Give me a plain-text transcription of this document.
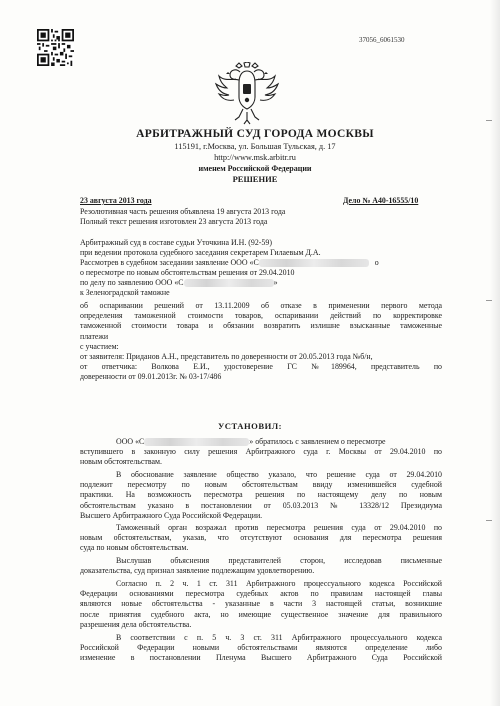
37056_6061530
АРБИТРАЖНЫЙ СУД ГОРОДА МОСКВЫ
115191, г.Москва, ул. Большая Тульская, д. 17
http://www.msk.arbitr.ru
именем Российской Федерации
РЕШЕНИЕ
23 августа 2013 года	Дело № А40-16555/10
Резолютивная часть решения объявлена 19 августа 2013 года
Полный текст решения изготовлен 23 августа 2013 года
Арбитражный суд в составе судьи Уточкина И.Н. (92-59)
при ведении протокола судебного заседания секретарем Гилаевым Д.А.
Рассмотрев в судебном заседании заявление ООО «С	о
о пересмотре по новым обстоятельствам решения от 29.04.2010
по делу по заявлению ООО «С	»
к Зеленоградской таможне
об оспаривании решений от 13.11.2009 об отказе в применении первого метода
определения таможенной стоимости товаров, оспаривании действий по корректировке
таможенной стоимости товара и обязании возвратить излишне взысканные таможенные
платежи
с участием:
от заявителя: Приданов А.Н., представитель по доверенности от 20.05.2013 года №б/н,
от ответчика: Волкова Е.И., удостоверение ГС №189964, представитель по
доверенности от 09.01.2013г. № 03-17/486
УСТАНОВИЛ:
ООО «С	» обратилось с заявлением о пересмотре
вступившего в законную силу решения Арбитражного суда г. Москвы от 29.04.2010 по
новым обстоятельствам.
В обоснование заявление общество указало, что решение суда от 29.04.2010
подлежит пересмотру по новым обстоятельствам ввиду изменившейся судебной
практики. На возможность пересмотра решения по настоящему делу по новым
обстоятельствам указано в постановлении от 05.03.2013 № 13328/12 Президиума
Высшего Арбитражного Суда Российской Федерации.
Таможенный орган возражал против пересмотра решения суда от 29.04.2010 по
новым обстоятельствам, указав, что отсутствуют основания для пересмотра решения
суда по новым обстоятельствам.
Выслушав объяснения представителей сторон, исследовав письменные
доказательства, суд признал заявление подлежащим удовлетворению.
Согласно п. 2 ч. 1 ст. 311 Арбитражного процессуального кодекса Российской
Федерации основаниями пересмотра судебных актов по правилам настоящей главы
являются новые обстоятельства - указанные в части 3 настоящей статьи, возникшие
после принятия судебного акта, но имеющие существенное значение для правильного
разрешения дела обстоятельства.
В соответствии с п. 5 ч. 3 ст. 311 Арбитражного процессуального кодекса
Российской Федерации новыми обстоятельствами являются определение либо
изменение в постановлении Пленума Высшего Арбитражного Суда Российской
